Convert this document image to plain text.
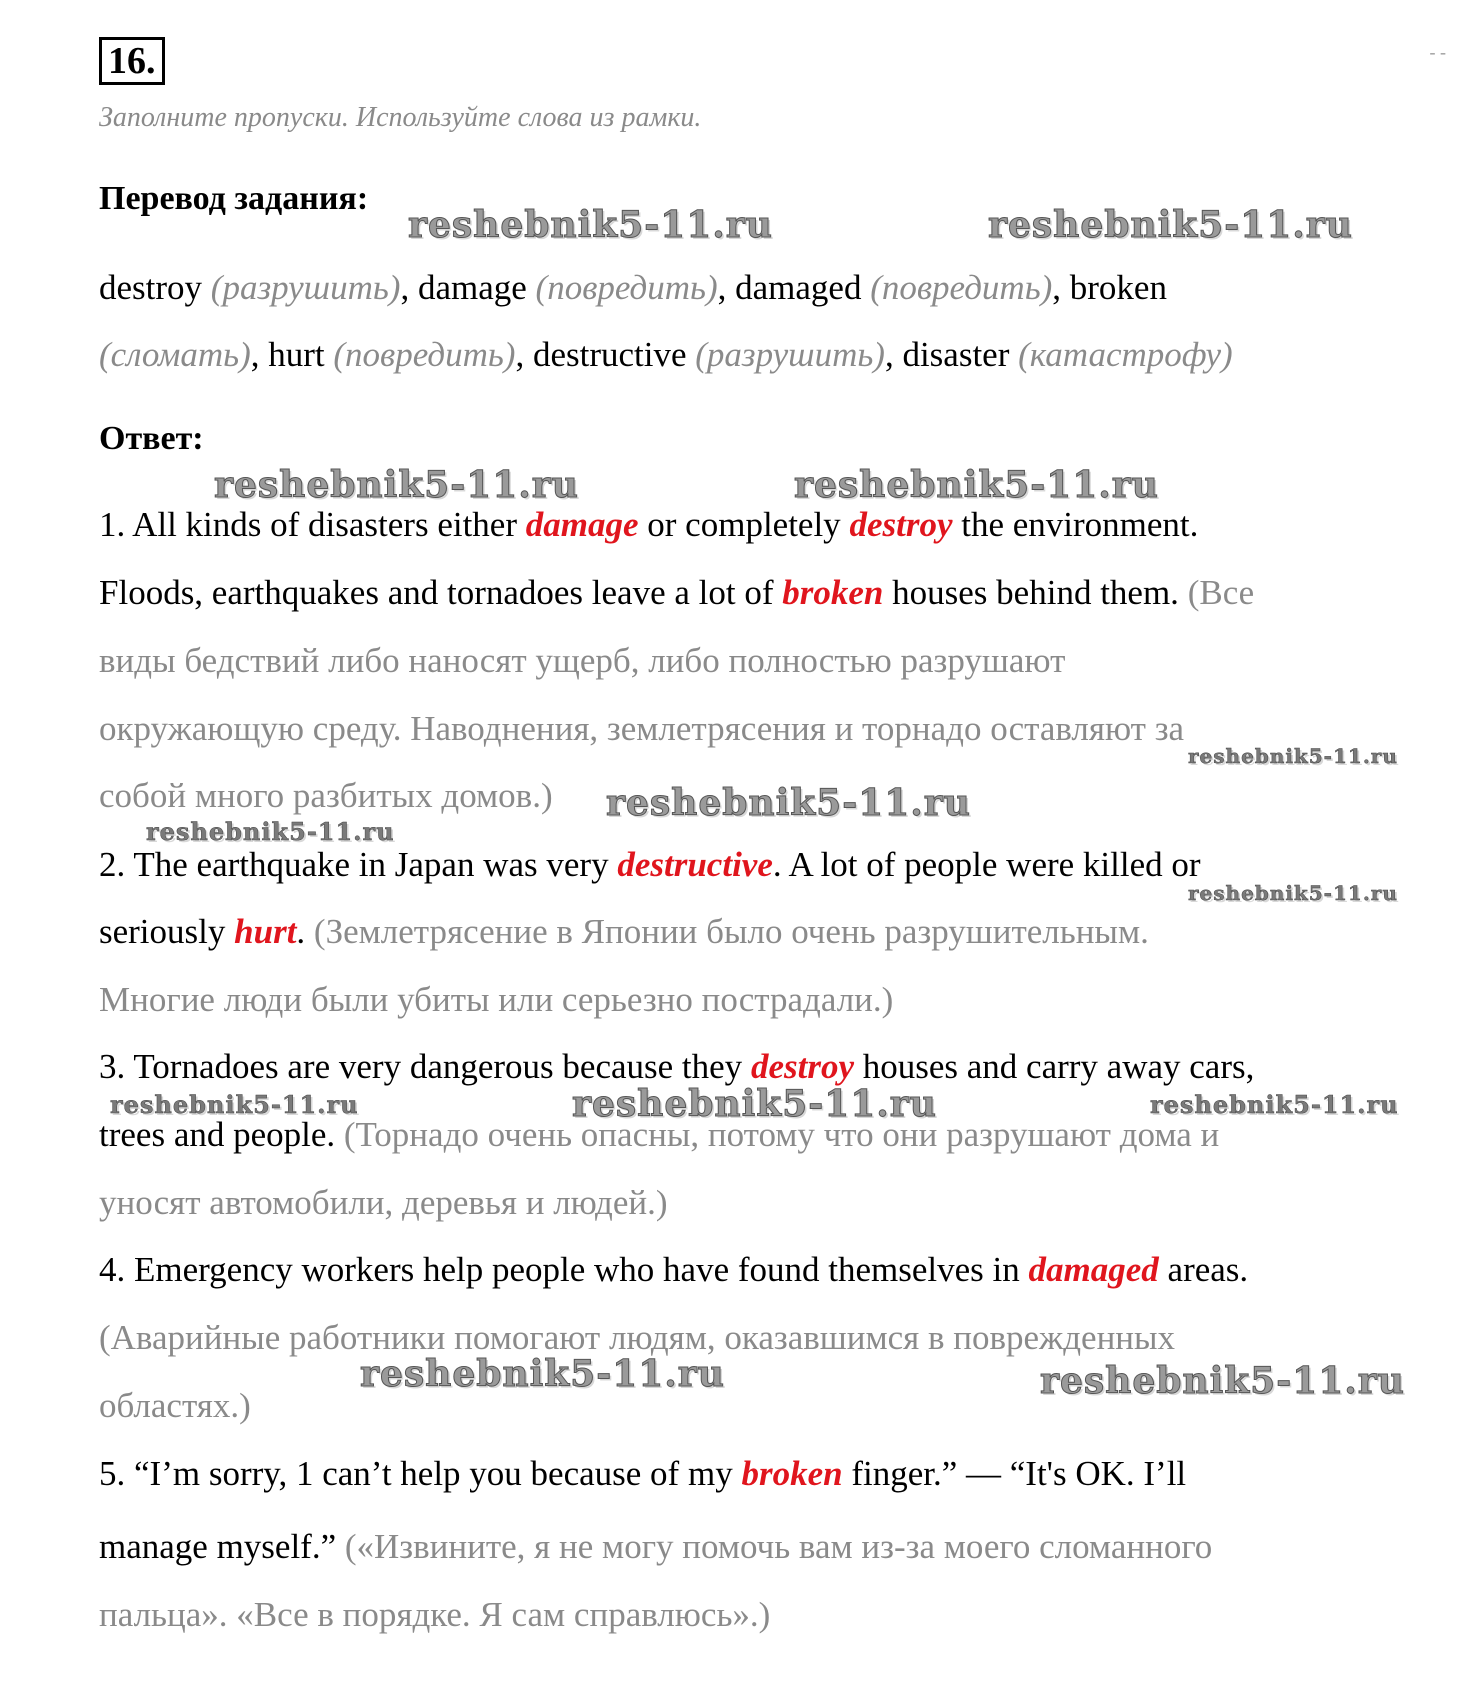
16.	- -
Заполните пропуски. Используйте слова из рамки.
Перевод задания:
destroy (разрушить), damage (повредить), damaged (повредить), broken
(сломать), hurt (повредить), destructive (разрушить), disaster (катастрофу)
Ответ:
1. All kinds of disasters either damage or completely destroy the environment.
Floods, earthquakes and tornadoes leave a lot of broken houses behind them. (Все
виды бедствий либо наносят ущерб, либо полностью разрушают
окружающую среду. Наводнения, землетрясения и торнадо оставляют за
собой много разбитых домов.)
2. The earthquake in Japan was very destructive. A lot of people were killed or
seriously hurt. (Землетрясение в Японии было очень разрушительным.
Многие люди были убиты или серьезно пострадали.)
3. Tornadoes are very dangerous because they destroy houses and carry away cars,
trees and people. (Торнадо очень опасны, потому что они разрушают дома и
уносят автомобили, деревья и людей.)
4. Emergency workers help people who have found themselves in damaged areas.
(Аварийные работники помогают людям, оказавшимся в поврежденных
областях.)
5. “I’m sorry, 1 can’t help you because of my broken finger.” — “It's OK. I’ll
manage myself.” («Извините, я не могу помочь вам из-за моего сломанного
пальца». «Все в порядке. Я сам справлюсь».)
reshebnik5-11.ru	reshebnik5-11.ru
reshebnik5-11.ru	reshebnik5-11.ru
reshebnik5-11.ru
reshebnik5-11.ru
reshebnik5-11.ru
reshebnik5-11.ru
reshebnik5-11.ru	reshebnik5-11.ru	reshebnik5-11.ru
reshebnik5-11.ru	reshebnik5-11.ru
